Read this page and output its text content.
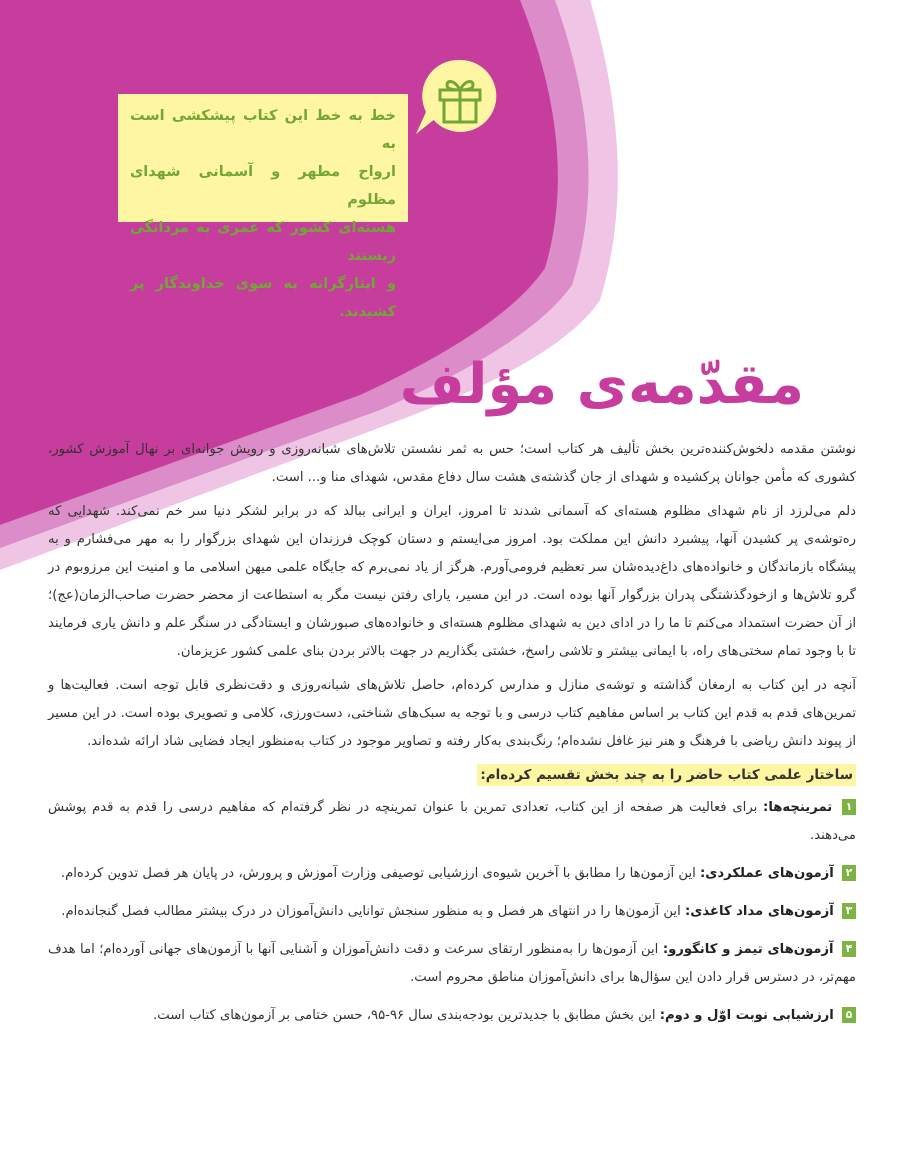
خط به خط این کتاب پیشکشی است به
ارواح مطهر و آسمانی شهدای مظلوم
هسته‌ای کشور که عمری به مردانگی زیستند
و ایثارگرانه به سوی خداوندگار پر کشیدند.
مقدّمه‌ی مؤلف

نوشتن مقدمه دلخوش‌کننده‌ترین بخش تألیف هر کتاب است؛ حس به ثمر نشستن تلاش‌های شبانه‌روزی و رویش جوانه‌ای بر نهال آموزش کشور، کشوری که مأمن جوانان پرکشیده و شهدای از جان گذشته‌ی هشت سال دفاع مقدس، شهدای منا و... است.

دلم می‌لرزد از نام شهدای مظلوم هسته‌ای که آسمانی شدند تا امروز، ایران و ایرانی ببالد که در برابر لشکر دنیا سر خم نمی‌کند. شهدایی که ره‌توشه‌ی پر کشیدن آنها، پیشبرد دانش این مملکت بود. امروز می‌ایستم و دستان کوچک فرزندان این شهدای بزرگوار را به مهر می‌فشارم و به پیشگاه بازماندگان و خانواده‌های داغ‌دیده‌شان سر تعظیم فرومی‌آورم. هرگز از یاد نمی‌برم که جایگاه علمی میهن اسلامی ما و امنیت این مرزوبوم در گرو تلاش‌ها و ازخودگذشتگی پدران بزرگوار آنها بوده است. در این مسیر، یارای رفتن نیست مگر به استطاعت از محضر حضرت صاحب‌الزمان(عج)؛ از آن حضرت استمداد می‌کنم تا ما را در ادای دین به شهدای مظلوم هسته‌ای و خانواده‌های صبورشان و ایستادگی در سنگر علم و دانش یاری فرمایند تا با وجود تمام سختی‌های راه، با ایمانی بیشتر و تلاشی راسخ، خشتی بگذاریم در جهت بالاتر بردن بنای علمی کشور عزیزمان.

آنچه در این کتاب به ارمغان گذاشته و توشه‌ی منازل و مدارس کرده‌ام، حاصل تلاش‌های شبانه‌روزی و دقت‌نظری قابل توجه است. فعالیت‌ها و تمرین‌های قدم به قدم این کتاب بر اساس مفاهیم کتاب درسی و با توجه به سبک‌های شناختی، دست‌ورزی، کلامی و تصویری بوده است. در این مسیر از پیوند دانش ریاضی با فرهنگ و هنر نیز غافل نشده‌ام؛ رنگ‌بندی به‌کار رفته و تصاویر موجود در کتاب به‌منظور ایجاد فضایی شاد ارائه شده‌اند.

ساختار علمی کتاب حاضر را به چند بخش تقسیم کرده‌ام:
۱ تمرینچه‌ها: برای فعالیت هر صفحه از این کتاب، تعدادی تمرین با عنوان تمرینچه در نظر گرفته‌ام که مفاهیم درسی را قدم به قدم پوشش می‌دهند.
۲ آزمون‌های عملکردی: این آزمون‌ها را مطابق با آخرین شیوه‌ی ارزشیابی توصیفی وزارت آموزش و پرورش، در پایان هر فصل تدوین کرده‌ام.
۳ آزمون‌های مداد کاغذی: این آزمون‌ها را در انتهای هر فصل و به منظور سنجش توانایی دانش‌آموزان در درک بیشتر مطالب فصل گنجانده‌ام.
۴ آزمون‌های تیمز و کانگورو: این آزمون‌ها را به‌منظور ارتقای سرعت و دقت دانش‌آموزان و آشنایی آنها با آزمون‌های جهانی آورده‌ام؛ اما هدف مهم‌تر، در دسترس قرار دادن این سؤال‌ها برای دانش‌آموزان مناطق محروم است.
۵ ارزشیابی نوبت اوّل و دوم: این بخش مطابق با جدیدترین بودجه‌بندی سال ۹۶-۹۵، حسن ختامی بر آزمون‌های کتاب است.
